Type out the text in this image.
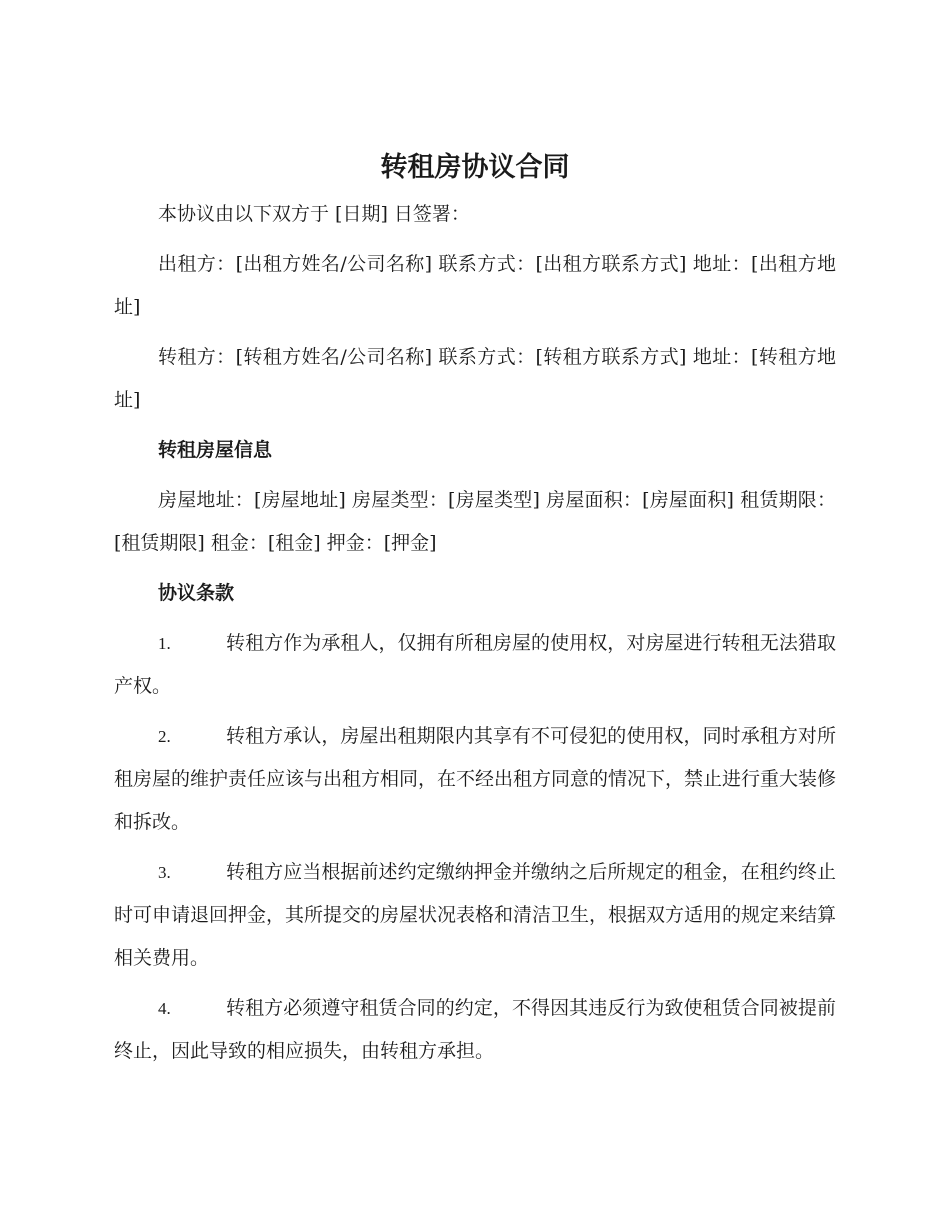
转租房协议合同

本协议由以下双方于 [日期] 日签署：

出租方：[出租方姓名/公司名称] 联系方式：[出租方联系方式] 地址：[出租方地址]

转租方：[转租方姓名/公司名称] 联系方式：[转租方联系方式] 地址：[转租方地址]

转租房屋信息

房屋地址：[房屋地址] 房屋类型：[房屋类型] 房屋面积：[房屋面积] 租赁期限：[租赁期限] 租金：[租金] 押金：[押金]

协议条款

1.	转租方作为承租人，仅拥有所租房屋的使用权，对房屋进行转租无法猎取产权。

2.	转租方承认，房屋出租期限内其享有不可侵犯的使用权，同时承租方对所租房屋的维护责任应该与出租方相同，在不经出租方同意的情况下，禁止进行重大装修和拆改。

3.	转租方应当根据前述约定缴纳押金并缴纳之后所规定的租金，在租约终止时可申请退回押金，其所提交的房屋状况表格和清洁卫生，根据双方适用的规定来结算相关费用。

4.	转租方必须遵守租赁合同的约定，不得因其违反行为致使租赁合同被提前终止，因此导致的相应损失，由转租方承担。
